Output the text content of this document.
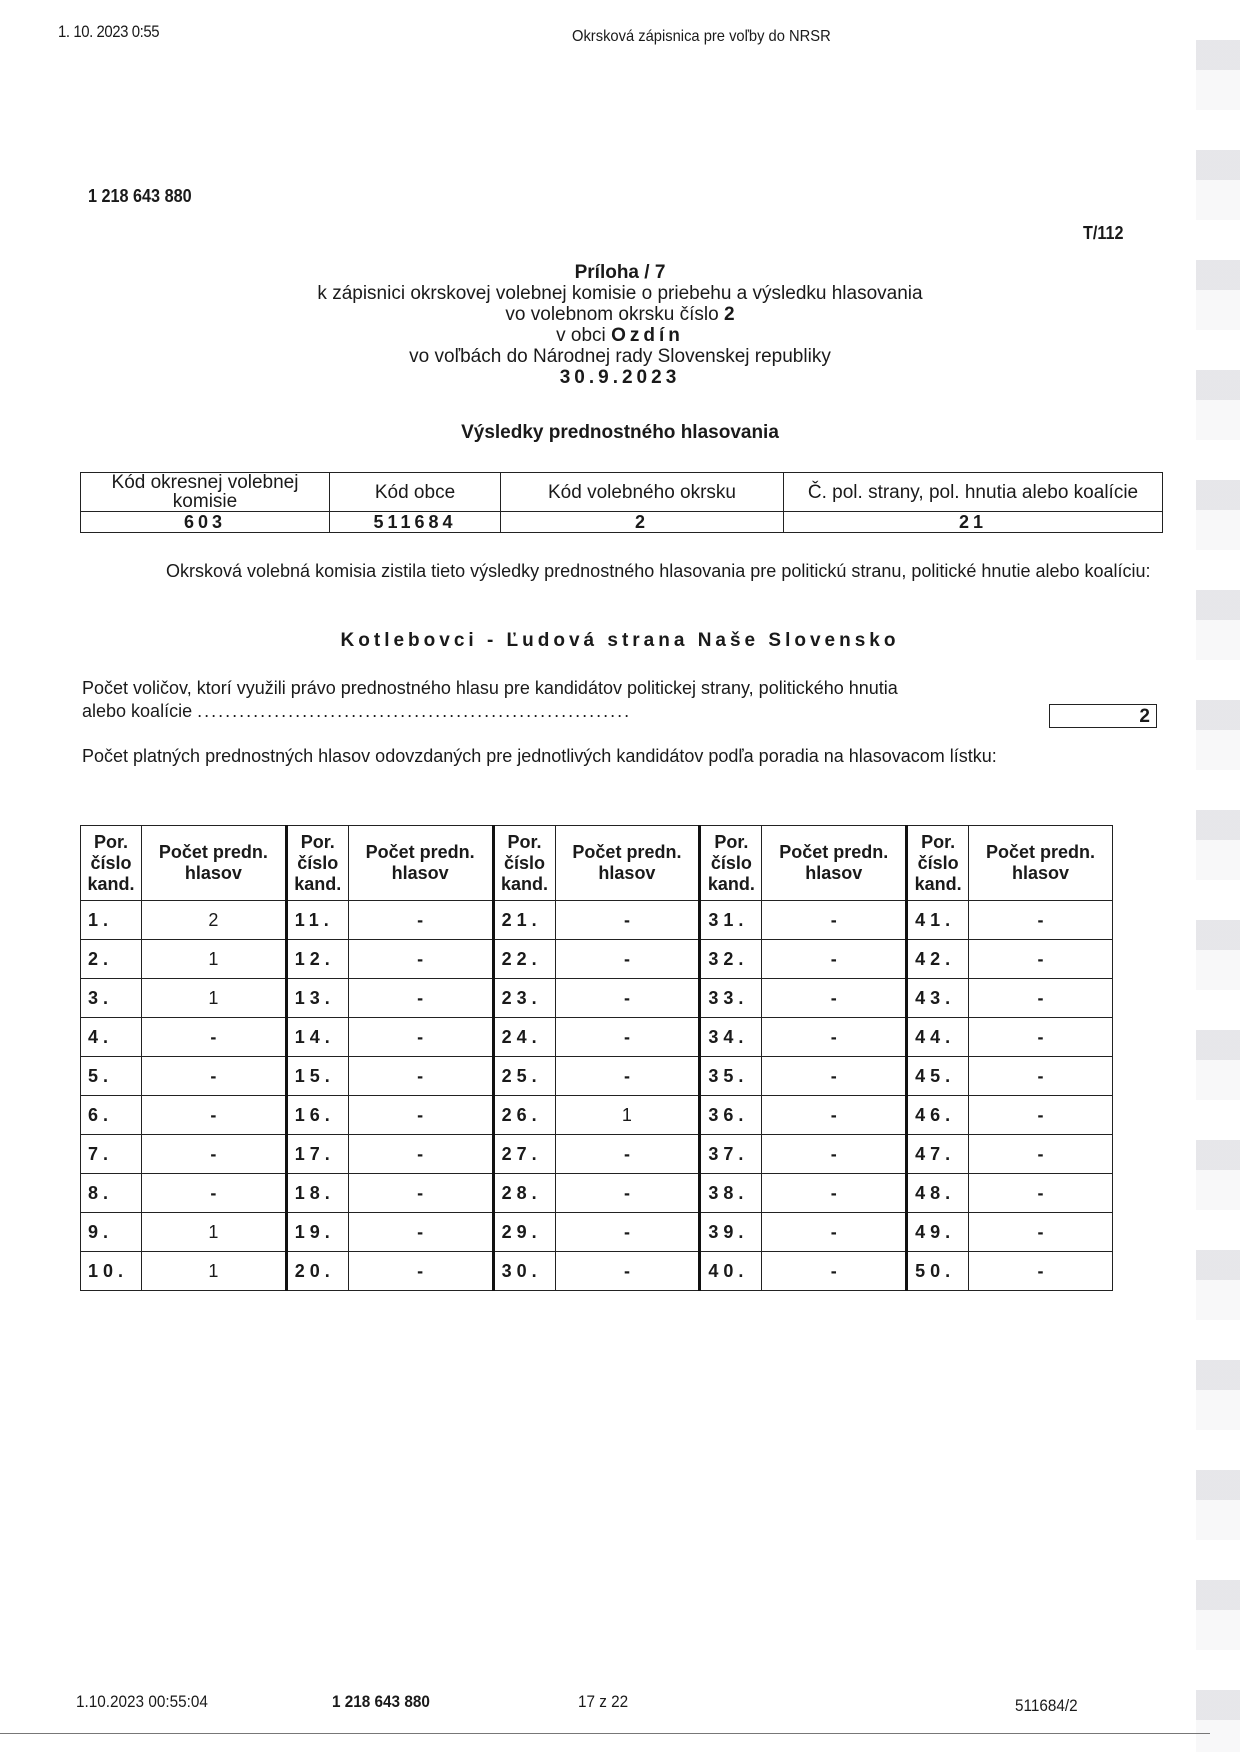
1. 10. 2023 0:55	Okrsková zápisnica pre voľby do NRSR
1 218 643 880
T/112
Príloha / 7
k zápisnici okrskovej volebnej komisie o priebehu a výsledku hlasovania
vo volebnom okrsku číslo 2
v obci Ozdín
vo voľbách do Národnej rady Slovenskej republiky
30.9.2023
Výsledky prednostného hlasovania
Kód okresnej volebnej komisie	Kód obce	Kód volebného okrsku	Č. pol. strany, pol. hnutia alebo koalície
603	511684	2	21
Okrsková volebná komisia zistila tieto výsledky prednostného hlasovania pre politickú stranu, politické hnutie alebo koalíciu:
Kotlebovci - Ľudová strana Naše Slovensko
Počet voličov, ktorí využili právo prednostného hlasu pre kandidátov politickej strany, politického hnutia
alebo koalície ..............................................................	2
Počet platných prednostných hlasov odovzdaných pre jednotlivých kandidátov podľa poradia na hlasovacom lístku:
Por. číslo kand.	Počet predn. hlasov	Por. číslo kand.	Počet predn. hlasov	Por. číslo kand.	Počet predn. hlasov	Por. číslo kand.	Počet predn. hlasov	Por. číslo kand.	Počet predn. hlasov
1.	2	11.	-	21.	-	31.	-	41.	-
2.	1	12.	-	22.	-	32.	-	42.	-
3.	1	13.	-	23.	-	33.	-	43.	-
4.	-	14.	-	24.	-	34.	-	44.	-
5.	-	15.	-	25.	-	35.	-	45.	-
6.	-	16.	-	26.	1	36.	-	46.	-
7.	-	17.	-	27.	-	37.	-	47.	-
8.	-	18.	-	28.	-	38.	-	48.	-
9.	1	19.	-	29.	-	39.	-	49.	-
10.	1	20.	-	30.	-	40.	-	50.	-
1.10.2023 00:55:04	1 218 643 880	17 z 22	511684/2
